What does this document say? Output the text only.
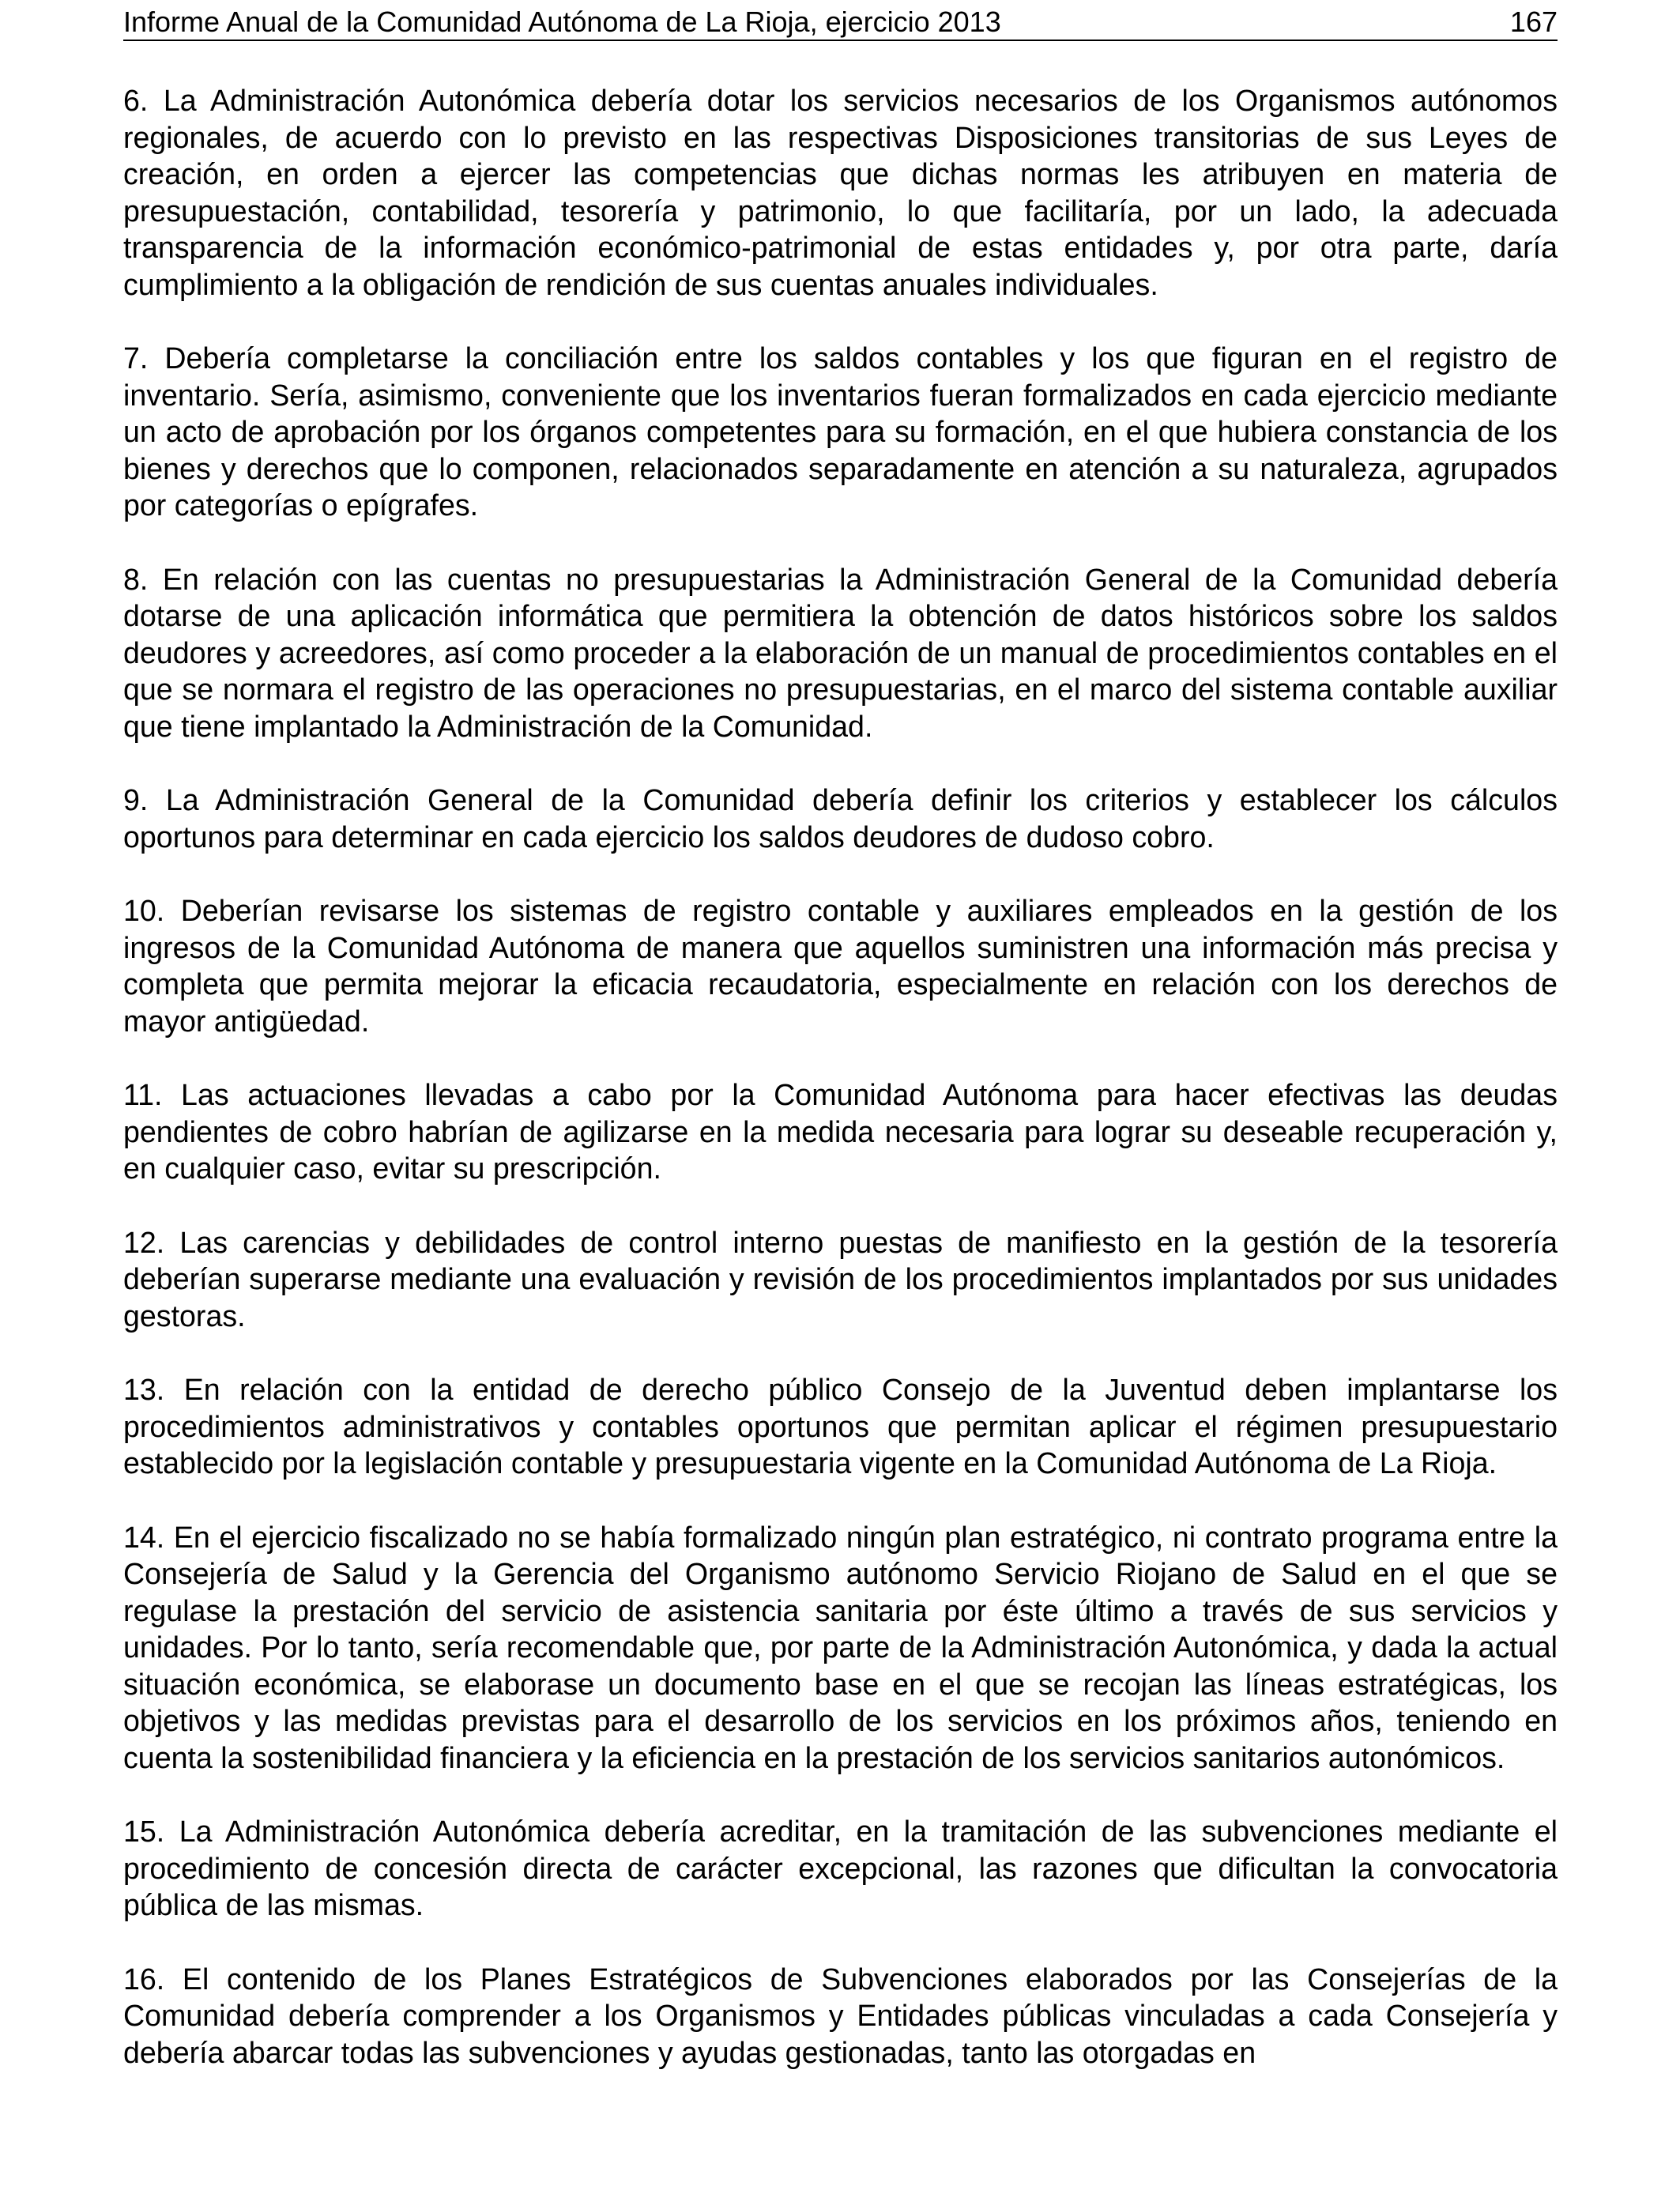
Informe Anual de la Comunidad Autónoma de La Rioja, ejercicio 2013	167

6. La Administración Autonómica debería dotar los servicios necesarios de los Organismos autónomos regionales, de acuerdo con lo previsto en las respectivas Disposiciones transitorias de sus Leyes de creación, en orden a ejercer las competencias que dichas normas les atribuyen en materia de presupuestación, contabilidad, tesorería y patrimonio, lo que facilitaría, por un lado, la adecuada transparencia de la información económico-patrimonial de estas entidades y, por otra parte, daría cumplimiento a la obligación de rendición de sus cuentas anuales individuales.

7. Debería completarse la conciliación entre los saldos contables y los que figuran en el registro de inventario. Sería, asimismo, conveniente que los inventarios fueran formalizados en cada ejercicio mediante un acto de aprobación por los órganos competentes para su formación, en el que hubiera constancia de los bienes y derechos que lo componen, relacionados separadamente en atención a su naturaleza, agrupados por categorías o epígrafes.

8. En relación con las cuentas no presupuestarias la Administración General de la Comunidad debería dotarse de una aplicación informática que permitiera la obtención de datos históricos sobre los saldos deudores y acreedores, así como proceder a la elaboración de un manual de procedimientos contables en el que se normara el registro de las operaciones no presupuestarias, en el marco del sistema contable auxiliar que tiene implantado la Administración de la Comunidad.

9. La Administración General de la Comunidad debería definir los criterios y establecer los cálculos oportunos para determinar en cada ejercicio los saldos deudores de dudoso cobro.

10. Deberían revisarse los sistemas de registro contable y auxiliares empleados en la gestión de los ingresos de la Comunidad Autónoma de manera que aquellos suministren una información más precisa y completa que permita mejorar la eficacia recaudatoria, especialmente en relación con los derechos de mayor antigüedad.

11. Las actuaciones llevadas a cabo por la Comunidad Autónoma para hacer efectivas las deudas pendientes de cobro habrían de agilizarse en la medida necesaria para lograr su deseable recuperación y, en cualquier caso, evitar su prescripción.

12. Las carencias y debilidades de control interno puestas de manifiesto en la gestión de la tesorería deberían superarse mediante una evaluación y revisión de los procedimientos implantados por sus unidades gestoras.

13. En relación con la entidad de derecho público Consejo de la Juventud deben implantarse los procedimientos administrativos y contables oportunos que permitan aplicar el régimen presupuestario establecido por la legislación contable y presupuestaria vigente en la Comunidad Autónoma de La Rioja.

14. En el ejercicio fiscalizado no se había formalizado ningún plan estratégico, ni contrato programa entre la Consejería de Salud y la Gerencia del Organismo autónomo Servicio Riojano de Salud en el que se regulase la prestación del servicio de asistencia sanitaria por éste último a través de sus servicios y unidades. Por lo tanto, sería recomendable que, por parte de la Administración Autonómica, y dada la actual situación económica, se elaborase un documento base en el que se recojan las líneas estratégicas, los objetivos y las medidas previstas para el desarrollo de los servicios en los próximos años, teniendo en cuenta la sostenibilidad financiera y la eficiencia en la prestación de los servicios sanitarios autonómicos.

15. La Administración Autonómica debería acreditar, en la tramitación de las subvenciones mediante el procedimiento de concesión directa de carácter excepcional, las razones que dificultan la convocatoria pública de las mismas.

16. El contenido de los Planes Estratégicos de Subvenciones elaborados por las Consejerías de la Comunidad debería comprender a los Organismos y Entidades públicas vinculadas a cada Consejería y debería abarcar todas las subvenciones y ayudas gestionadas, tanto las otorgadas en
